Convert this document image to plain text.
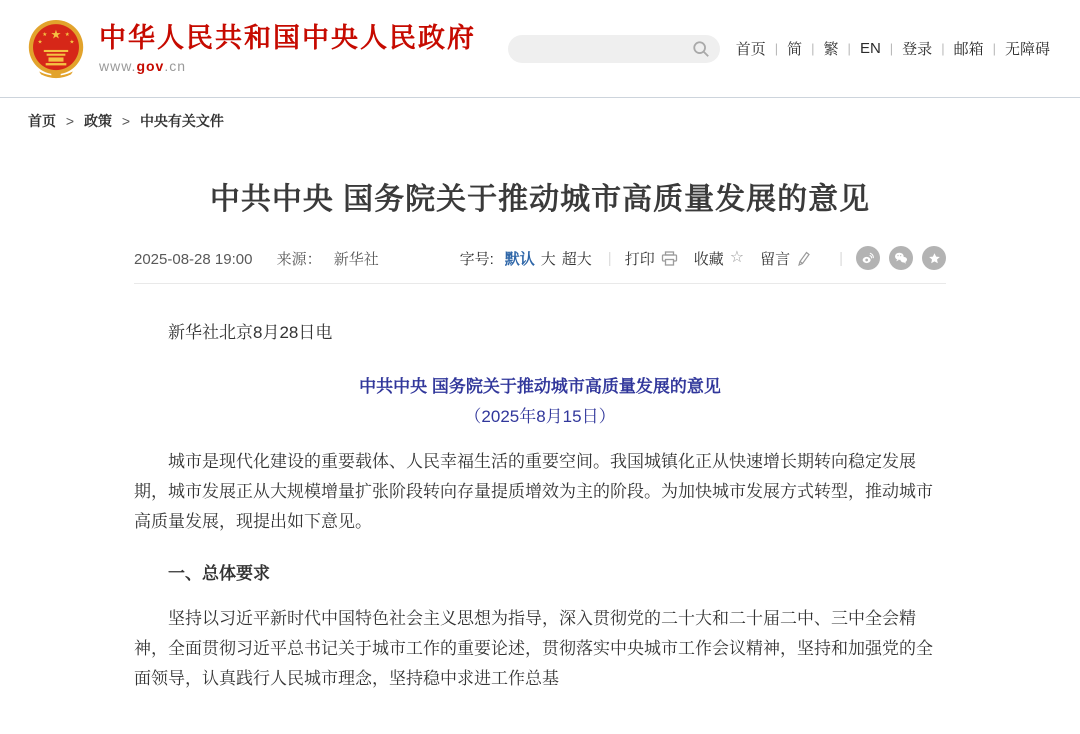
★
★	★
★	★ 中华人民共和国中央人民政府
www.gov.cn
首页 | 简 | 繁 | EN | 登录 | 邮箱 | 无障碍
首页 > 政策 > 中央有关文件
中共中央 国务院关于推动城市高质量发展的意见
2025-08-28 19:00 来源： 新华社	字号: 默认 大 超大 | 打印	收藏 ☆ 留言	|

新华社北京8月28日电

中共中央 国务院关于推动城市高质量发展的意见

（2025年8月15日）

城市是现代化建设的重要载体、人民幸福生活的重要空间。我国城镇化正从快速增长期转向稳定发展期，城市发展正从大规模增量扩张阶段转向存量提质增效为主的阶段。为加快城市发展方式转型，推动城市高质量发展，现提出如下意见。

一、总体要求

坚持以习近平新时代中国特色社会主义思想为指导，深入贯彻党的二十大和二十届二中、三中全会精神，全面贯彻习近平总书记关于城市工作的重要论述，贯彻落实中央城市工作会议精神，坚持和加强党的全面领导，认真践行人民城市理念，坚持稳中求进工作总基
